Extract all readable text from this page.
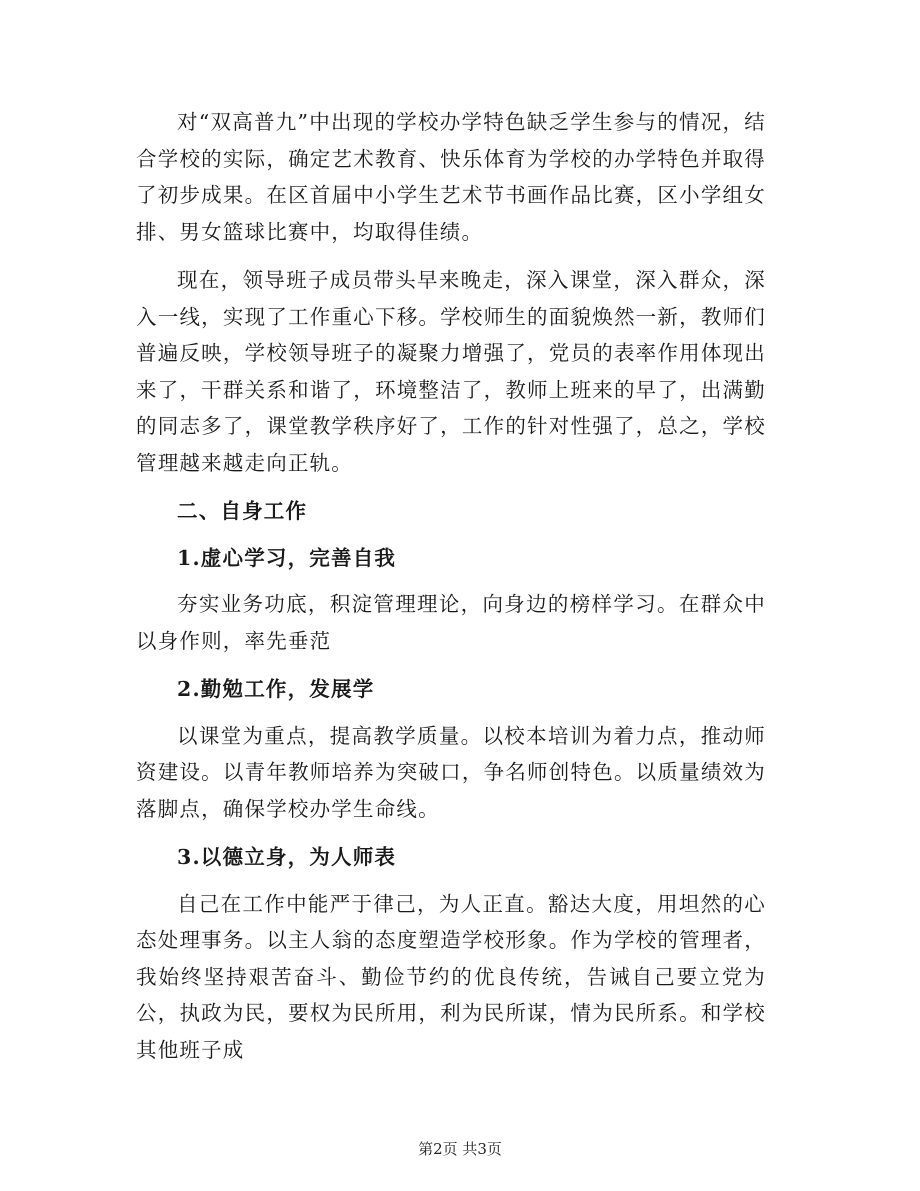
对“双高普九”中出现的学校办学特色缺乏学生参与的情况，结合学校的实际，确定艺术教育、快乐体育为学校的办学特色并取得了初步成果。在区首届中小学生艺术节书画作品比赛，区小学组女排、男女篮球比赛中，均取得佳绩。

现在，领导班子成员带头早来晚走，深入课堂，深入群众，深入一线，实现了工作重心下移。学校师生的面貌焕然一新，教师们普遍反映，学校领导班子的凝聚力增强了，党员的表率作用体现出来了，干群关系和谐了，环境整洁了，教师上班来的早了，出满勤的同志多了，课堂教学秩序好了，工作的针对性强了，总之，学校管理越来越走向正轨。

二、自身工作

1.虚心学习，完善自我

夯实业务功底，积淀管理理论，向身边的榜样学习。在群众中以身作则，率先垂范

2.勤勉工作，发展学

以课堂为重点，提高教学质量。以校本培训为着力点，推动师资建设。以青年教师培养为突破口，争名师创特色。以质量绩效为落脚点，确保学校办学生命线。

3.以德立身，为人师表

自己在工作中能严于律己，为人正直。豁达大度，用坦然的心态处理事务。以主人翁的态度塑造学校形象。作为学校的管理者，我始终坚持艰苦奋斗、勤俭节约的优良传统，告诫自己要立党为公，执政为民，要权为民所用，利为民所谋，情为民所系。和学校其他班子成

第2页 共3页
